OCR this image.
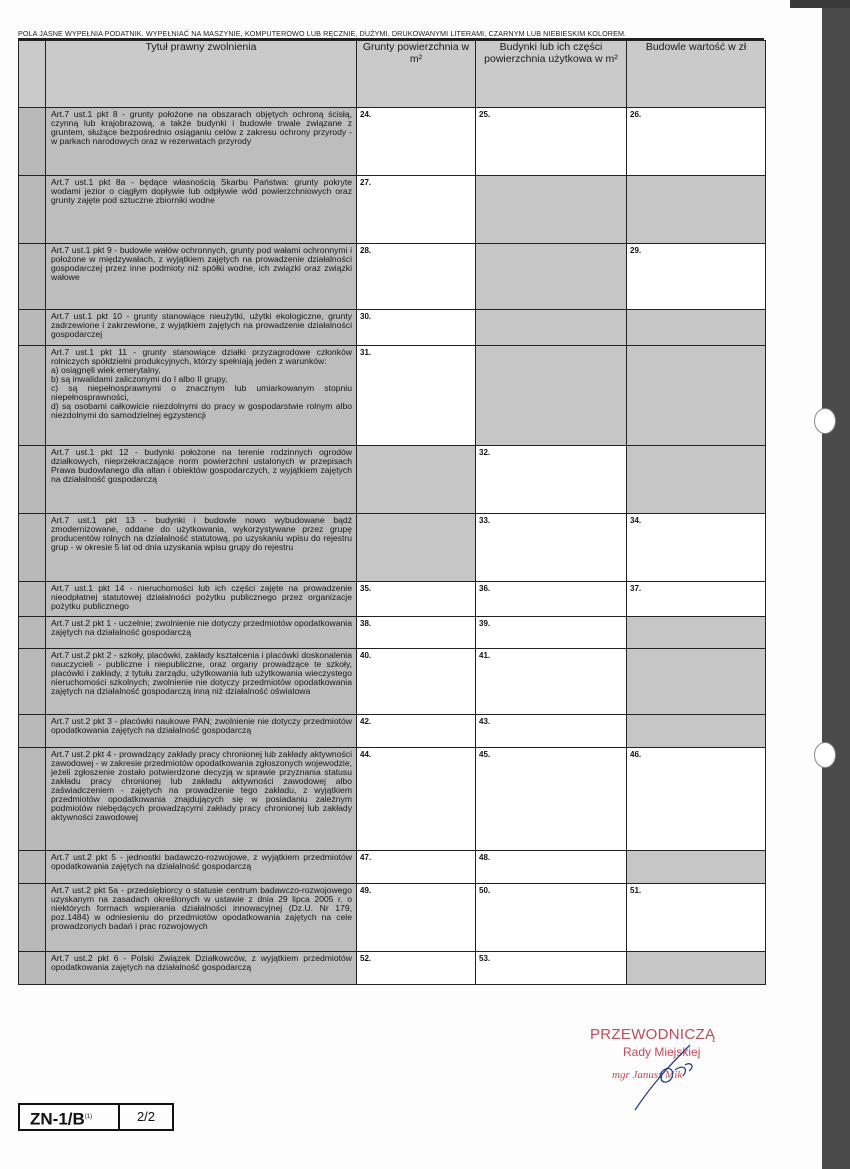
POLA JASNE WYPEŁNIA PODATNIK. WYPEŁNIAĆ NA MASZYNIE, KOMPUTEROWO LUB RĘCZNIE, DUŻYMI, DRUKOWANYMI LITERAMI, CZARNYM LUB NIEBIESKIM KOLOREM.
	Tytuł prawny zwolnienia	Grunty powierzchnia w m²	Budynki lub ich części powierzchnia użytkowa w m²	Budowle wartość w zł
	Art.7 ust.1 pkt 8 - grunty położone na obszarach objętych ochroną ścisłą, czynną lub krajobrazową, a także budynki i budowle trwale związane z gruntem, służące bezpośrednio osiąganiu celów z zakresu ochrony przyrody - w parkach narodowych oraz w rezerwatach przyrody	24.	25.	26.

	Art.7 ust.1 pkt 8a - będące własnością Skarbu Państwa: grunty pokryte wodami jezior o ciągłym dopływie lub odpływie wód powierzchniowych oraz grunty zajęte pod sztuczne zbiorniki wodne	27.		

	Art.7 ust.1 pkt 9 - budowle wałów ochronnych, grunty pod wałami ochronnymi i położone w międzywałach, z wyjątkiem zajętych na prowadzenie działalności gospodarczej przez inne podmioty niż spółki wodne, ich związki oraz związki wałowe	28.		29.

	Art.7 ust.1 pkt 10 - grunty stanowiące nieużytki, użytki ekologiczne, grunty zadrzewione i zakrzewione, z wyjątkiem zajętych na prowadzenie działalności gospodarczej	30.		

	Art.7 ust.1 pkt 11 - grunty stanowiące działki przyzagrodowe członków rolniczych spółdzielni produkcyjnych, którzy spełniają jeden z warunków:
a) osiągnęli wiek emerytalny,
b) są inwalidami zaliczonymi do I albo II grupy,
c) są niepełnosprawnymi o znacznym lub umiarkowanym stopniu niepełnosprawności,
d) są osobami całkowicie niezdolnymi do pracy w gospodarstwie rolnym albo niezdolnymi do samodzielnej egzystencji	31.		

	Art.7 ust.1 pkt 12 - budynki położone na terenie rodzinnych ogrodów działkowych, nieprzekraczające norm powierzchni ustalonych w przepisach Prawa budowlanego dla altan i obiektów gospodarczych, z wyjątkiem zajętych na działalność gospodarczą		32.	

	Art.7 ust.1 pkt 13 - budynki i budowle nowo wybudowane bądź zmodernizowane, oddane do użytkowania, wykorzystywane przez grupę producentów rolnych na działalność statutową, po uzyskaniu wpisu do rejestru grup - w okresie 5 lat od dnia uzyskania wpisu grupy do rejestru		33.	34.

	Art.7 ust.1 pkt 14 - nieruchomości lub ich części zajęte na prowadzenie nieodpłatnej statutowej działalności pożytku publicznego przez organizacje pożytku publicznego	35.	36.	37.

	Art.7 ust.2 pkt 1 - uczelnie; zwolnienie nie dotyczy przedmiotów opodatkowania zajętych na działalność gospodarczą	38.	39.	

	Art.7 ust.2 pkt 2 - szkoły, placówki, zakłady kształcenia i placówki doskonalenia nauczycieli - publiczne i niepubliczne, oraz organy prowadzące te szkoły, placówki i zakłady, z tytułu zarządu, użytkowania lub użytkowania wieczystego nieruchomości szkolnych; zwolnienie nie dotyczy przedmiotów opodatkowania zajętych na działalność gospodarczą inną niż działalność oświatowa	40.	41.	

	Art.7 ust.2 pkt 3 - placówki naukowe PAN; zwolnienie nie dotyczy przedmiotów opodatkowania zajętych na działalność gospodarczą	42.	43.	

	Art.7 ust.2 pkt 4 - prowadzący zakłady pracy chronionej lub zakłady aktywności zawodowej - w zakresie przedmiotów opodatkowania zgłoszonych wojewodzie, jeżeli zgłoszenie zostało potwierdzone decyzją w sprawie przyznania statusu zakładu pracy chronionej lub zakładu aktywności zawodowej albo zaświadczeniem - zajętych na prowadzenie tego zakładu, z wyjątkiem przedmiotów opodatkowania znajdujących się w posiadaniu zależnym podmiotów niebędących prowadzącymi zakłady pracy chronionej lub zakłady aktywności zawodowej	44.	45.	46.

	Art.7 ust.2 pkt 5 - jednostki badawczo-rozwojowe, z wyjątkiem przedmiotów opodatkowania zajętych na działalność gospodarczą	47.	48.	

	Art.7 ust.2 pkt 5a - przedsiębiorcy o statusie centrum badawczo-rozwojowego uzyskanym na zasadach określonych w ustawie z dnia 29 lipca 2005 r. o niektórych formach wspierania działalności innowacyjnej (Dz.U. Nr 179, poz.1484) w odniesieniu do przedmiotów opodatkowania zajętych na cele prowadzonych badań i prac rozwojowych	49.	50.	51.

	Art.7 ust.2 pkt 6 - Polski Związek Działkowców, z wyjątkiem przedmiotów opodatkowania zajętych na działalność gospodarczą	52.	53.	

$ZN-1/B^{(1)}$	2/2
PRZEWODNICZĄ
Rady Miejskiej
mgr Janusz Mik
